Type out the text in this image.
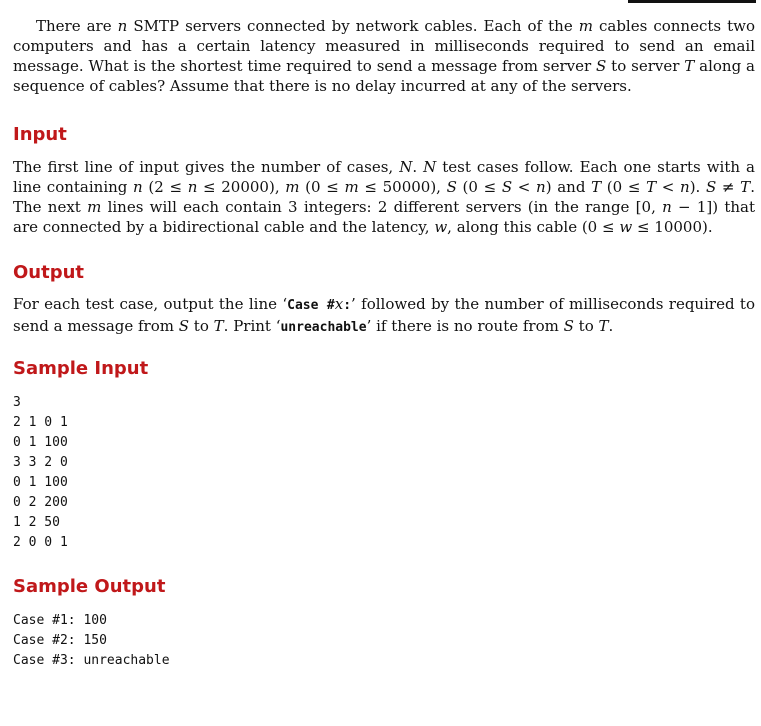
There are n SMTP servers connected by network cables. Each of the m cables connects two computers and has a certain latency measured in milliseconds required to send an email message. What is the shortest time required to send a message from server S to server T along a sequence of cables? Assume that there is no delay incurred at any of the servers.

Input

The first line of input gives the number of cases, N. N test cases follow. Each one starts with a line containing n (2 ≤ n ≤ 20000), m (0 ≤ m ≤ 50000), S (0 ≤ S < n) and T (0 ≤ T < n). S ≠ T. The next m lines will each contain 3 integers: 2 different servers (in the range [0, n − 1]) that are connected by a bidirectional cable and the latency, w, along this cable (0 ≤ w ≤ 10000).

Output

For each test case, output the line ‘Case #x:’ followed by the number of milliseconds required to send a message from S to T. Print ‘unreachable’ if there is no route from S to T.

Sample Input
3
2 1 0 1
0 1 100
3 3 2 0
0 1 100
0 2 200
1 2 50
2 0 0 1
Sample Output
Case #1: 100
Case #2: 150
Case #3: unreachable
